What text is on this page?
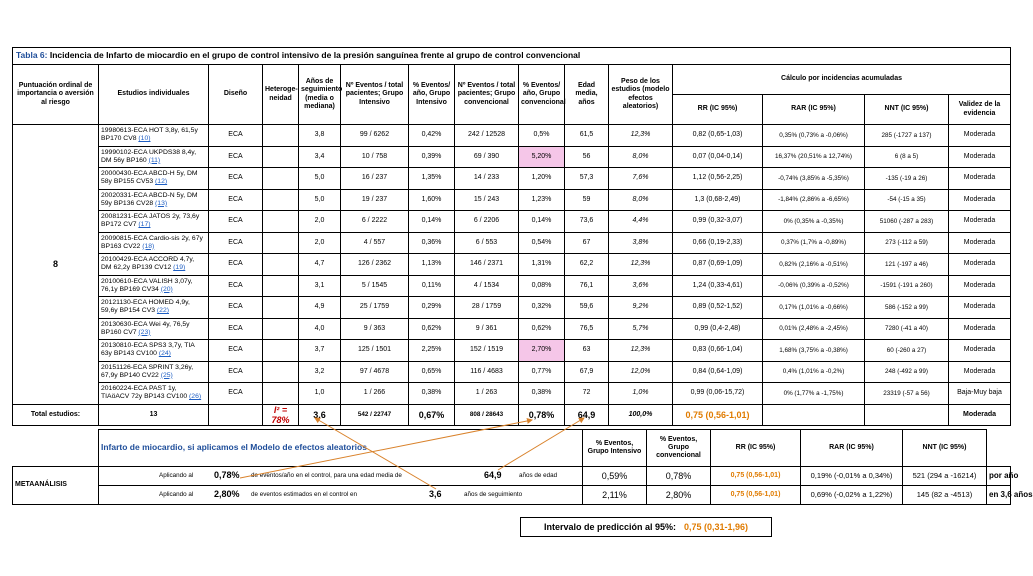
Tabla 6: Incidencia de Infarto de miocardio en el grupo de control intensivo de la presión sanguínea frente al grupo de control convencional														
Puntuación ordinal de importancia o aversión al riesgo	Estudios individuales	Diseño	Heteroge-neidad	Años de seguimiento (media o mediana)	Nº Eventos / total pacientes; Grupo Intensivo	% Eventos/ año, Grupo Intensivo	Nº Eventos / total pacientes; Grupo convencional	% Eventos/ año, Grupo convencional	Edad media, años	Peso de los estudios (modelo efectos aleatorios)	Cálculo por incidencias acumuladas			
											RR (IC 95%)	RAR (IC 95%)	NNT (IC 95%)	Validez de la evidencia
8	19980613-ECA HOT 3,8y, 61,5y BP170 CV8 (10)	ECA		3,8	99 / 6262	0,42%	242 / 12528	0,5%	61,5	12,3%	0,82 (0,65-1,03)	0,35% (0,73% a -0,06%)	285 (-1727 a 137)	Moderada
	19990102-ECA UKPDS38 8,4y, DM 56y BP160 (11)	ECA		3,4	10 / 758	0,39%	69 / 390	5,20%	56	8,0%	0,07 (0,04-0,14)	16,37% (20,51% a 12,74%)	6 (8 a 5)	Moderada
	20000430-ECA ABCD-H 5y, DM 58y BP155 CV53 (12)	ECA		5,0	16 / 237	1,35%	14 / 233	1,20%	57,3	7,6%	1,12 (0,56-2,25)	-0,74% (3,85% a -5,35%)	-135 (-19 a 26)	Moderada
	20020331-ECA ABCD-N 5y, DM 59y BP136 CV28 (13)	ECA		5,0	19 / 237	1,60%	15 / 243	1,23%	59	8,0%	1,3 (0,68-2,49)	-1,84% (2,86% a -6,65%)	-54 (-15 a 35)	Moderada
	20081231-ECA JATOS 2y, 73,6y BP172 CV7 (17)	ECA		2,0	6 / 2222	0,14%	6 / 2206	0,14%	73,6	4,4%	0,99 (0,32-3,07)	0% (0,35% a -0,35%)	51060 (-287 a 283)	Moderada
	20090815-ECA Cardio-sis 2y, 67y BP163 CV22 (18)	ECA		2,0	4 / 557	0,36%	6 / 553	0,54%	67	3,8%	0,66 (0,19-2,33)	0,37% (1,7% a -0,89%)	273 (-112 a 59)	Moderada
	20100429-ECA ACCORD 4,7y, DM 62,2y BP139 CV12 (19)	ECA		4,7	126 / 2362	1,13%	146 / 2371	1,31%	62,2	12,3%	0,87 (0,69-1,09)	0,82% (2,16% a -0,51%)	121 (-197 a 46)	Moderada
	20100610-ECA VALISH 3,07y, 76,1y BP169 CV34 (20)	ECA		3,1	5 / 1545	0,11%	4 / 1534	0,08%	76,1	3,6%	1,24 (0,33-4,61)	-0,06% (0,39% a -0,52%)	-1591 (-191 a 260)	Moderada
	20121130-ECA HOMED 4,9y, 59,6y BP154 CV3 (22)	ECA		4,9	25 / 1759	0,29%	28 / 1759	0,32%	59,6	9,2%	0,89 (0,52-1,52)	0,17% (1,01% a -0,66%)	586 (-152 a 99)	Moderada
	20130630-ECA Wei 4y, 76,5y BP160 CV7 (23)	ECA		4,0	9 / 363	0,62%	9 / 361	0,62%	76,5	5,7%	0,99 (0,4-2,48)	0,01% (2,48% a -2,45%)	7280 (-41 a 40)	Moderada
	20130810-ECA SPS3 3,7y, TIA 63y BP143 CV100 (24)	ECA		3,7	125 / 1501	2,25%	152 / 1519	2,70%	63	12,3%	0,83 (0,66-1,04)	1,68% (3,75% a -0,38%)	60 (-260 a 27)	Moderada
	20151126-ECA SPRINT 3,26y, 67,9y BP140 CV22 (25)	ECA		3,2	97 / 4678	0,65%	116 / 4683	0,77%	67,9	12,0%	0,84 (0,64-1,09)	0,4% (1,01% a -0,2%)	248 (-492 a 99)	Moderada
	20160224-ECA PAST 1y, TIAöACV 72y BP143 CV100 (26)	ECA		1,0	1 / 266	0,38%	1 / 263	0,38%	72	1,0%	0,99 (0,06-15,72)	0% (1,77% a -1,75%)	23319 (-57 a 56)	Baja-Muy baja
Total estudios:	13		I² = 78%	3,6	542 / 22747	0,67%	808 / 28643	0,78%	64,9	100,0%	0,75 (0,56-1,01)			Moderada
	Infarto de miocardio, si aplicamos el Modelo de efectos aleatorios	% Eventos, Grupo Intensivo	% Eventos, Grupo convencional	RR (IC 95%)	RAR (IC 95%)	NNT (IC 95%)	
METAANÁLISIS	Aplicando al 0,78% de eventos/año en el control, para una edad media de 64,9 años de edad	0,59%	0,78%	0,75 (0,56-1,01)	0,19% (-0,01% a 0,34%)	521 (294 a -16214)	por año

	Aplicando al 2,80% de eventos estimados en el control en 3,6 años de seguimiento	2,11%	2,80%	0,75 (0,56-1,01)	0,69% (-0,02% a 1,22%)	145 (82 a -4513)	en 3,6 años
Intervalo de predicción al 95%: 0,75 (0,31-1,96)
